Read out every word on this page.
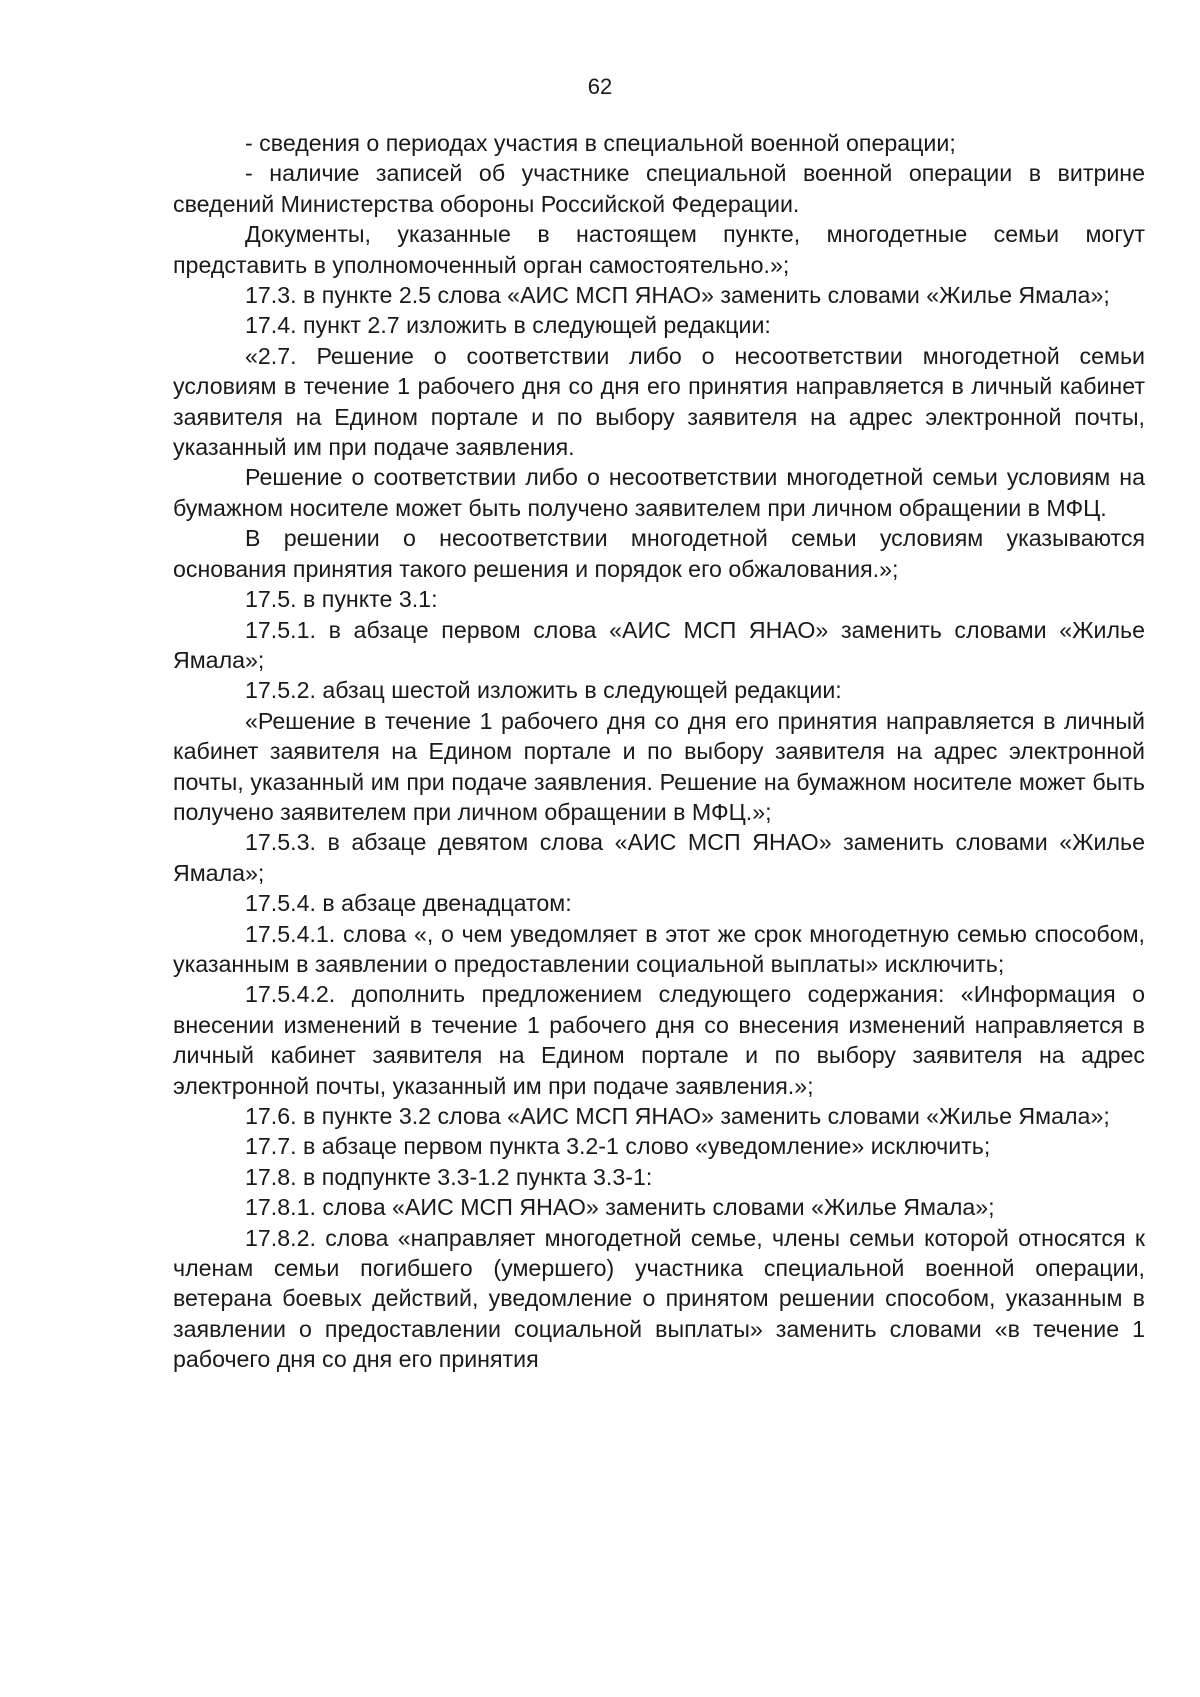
62

- сведения о периодах участия в специальной военной операции;

- наличие записей об участнике специальной военной операции в витрине сведений Министерства обороны Российской Федерации.

Документы, указанные в настоящем пункте, многодетные семьи могут представить в уполномоченный орган самостоятельно.»;

17.3. в пункте 2.5 слова «АИС МСП ЯНАО» заменить словами «Жилье Ямала»;

17.4. пункт 2.7 изложить в следующей редакции:

«2.7. Решение о соответствии либо о несоответствии многодетной семьи условиям в течение 1 рабочего дня со дня его принятия направляется в личный кабинет заявителя на Едином портале и по выбору заявителя на адрес электронной почты, указанный им при подаче заявления.

Решение о соответствии либо о несоответствии многодетной семьи условиям на бумажном носителе может быть получено заявителем при личном обращении в МФЦ.

В решении о несоответствии многодетной семьи условиям указываются основания принятия такого решения и порядок его обжалования.»;

17.5. в пункте 3.1:

17.5.1. в абзаце первом слова «АИС МСП ЯНАО» заменить словами «Жилье Ямала»;

17.5.2. абзац шестой изложить в следующей редакции:

«Решение в течение 1 рабочего дня со дня его принятия направляется в личный кабинет заявителя на Едином портале и по выбору заявителя на адрес электронной почты, указанный им при подаче заявления. Решение на бумажном носителе может быть получено заявителем при личном обращении в МФЦ.»;

17.5.3. в абзаце девятом слова «АИС МСП ЯНАО» заменить словами «Жилье Ямала»;

17.5.4. в абзаце двенадцатом:

17.5.4.1. слова «, о чем уведомляет в этот же срок многодетную семью способом, указанным в заявлении о предоставлении социальной выплаты» исключить;

17.5.4.2. дополнить предложением следующего содержания: «Информация о внесении изменений в течение 1 рабочего дня со внесения изменений направляется в личный кабинет заявителя на Едином портале и по выбору заявителя на адрес электронной почты, указанный им при подаче заявления.»;

17.6. в пункте 3.2 слова «АИС МСП ЯНАО» заменить словами «Жилье Ямала»;

17.7. в абзаце первом пункта 3.2-1 слово «уведомление» исключить;

17.8. в подпункте 3.3-1.2 пункта 3.3-1:

17.8.1. слова «АИС МСП ЯНАО» заменить словами «Жилье Ямала»;

17.8.2. слова «направляет многодетной семье, члены семьи которой относятся к членам семьи погибшего (умершего) участника специальной военной операции, ветерана боевых действий, уведомление о принятом решении способом, указанным в заявлении о предоставлении социальной выплаты» заменить словами «в течение 1 рабочего дня со дня его принятия
